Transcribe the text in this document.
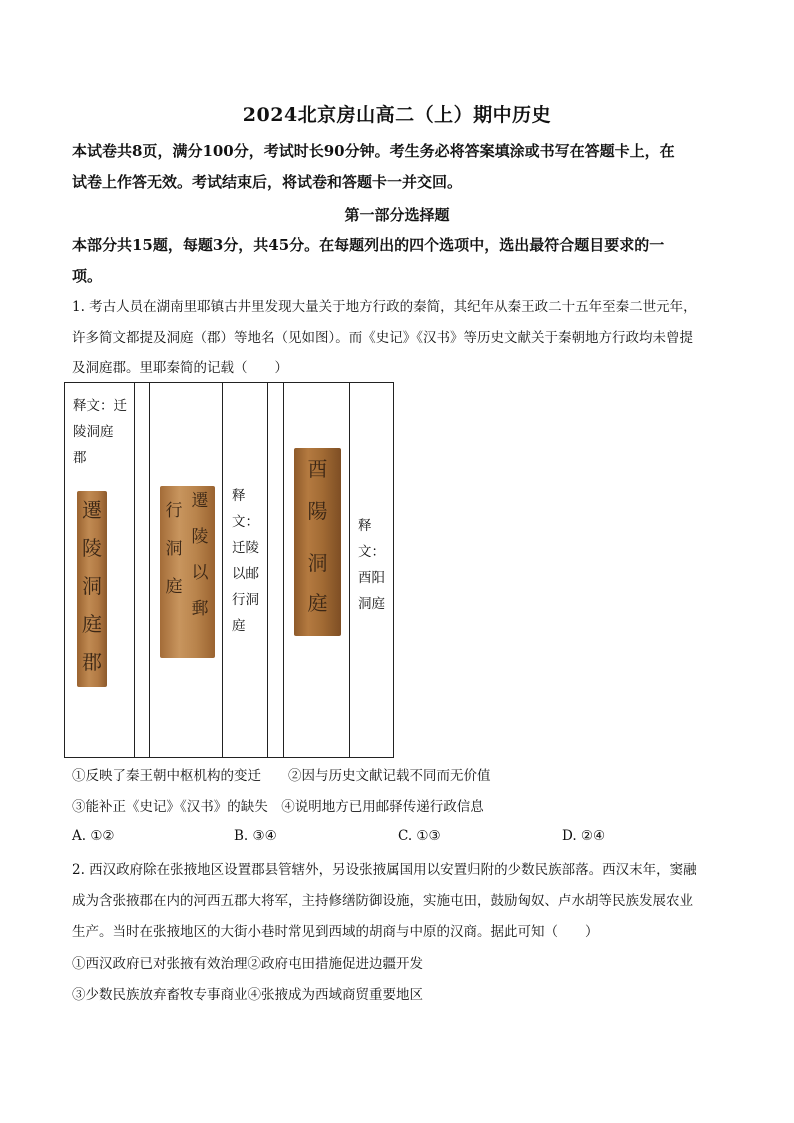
2024北京房山高二（上）期中历史
本试卷共8页，满分100分，考试时长90分钟。考生务必将答案填涂或书写在答题卡上，在
试卷上作答无效。考试结束后，将试卷和答题卡一并交回。
第一部分选择题
本部分共15题，每题3分，共45分。在每题列出的四个选项中，选出最符合题目要求的一
项。
1. 考古人员在湖南里耶镇古井里发现大量关于地方行政的秦简，其纪年从秦王政二十五年至秦二世元年，
许多简文都提及洞庭（郡）等地名（见如图）。而《史记》《汉书》等历史文献关于秦朝地方行政均未曾提
及洞庭郡。里耶秦简的记载（　　）
释文：迁
陵洞庭
郡
遷
陵
洞
庭
郡
行
洞
庭
遷
陵
以
郵
释
文：
迁陵
以邮
行洞
庭
酉
陽
洞
庭
释
文：
酉阳
洞庭
①反映了秦王朝中枢机构的变迁　　②因与历史文献记载不同而无价值
③能补正《史记》《汉书》的缺失　④说明地方已用邮驿传递行政信息
A. ①②	B. ③④	C. ①③	D. ②④
2. 西汉政府除在张掖地区设置郡县管辖外，另设张掖属国用以安置归附的少数民族部落。西汉末年，窦融
成为含张掖郡在内的河西五郡大将军，主持修缮防御设施，实施屯田，鼓励匈奴、卢水胡等民族发展农业
生产。当时在张掖地区的大街小巷时常见到西域的胡商与中原的汉商。据此可知（　　）
①西汉政府已对张掖有效治理②政府屯田措施促进边疆开发
③少数民族放弃畜牧专事商业④张掖成为西域商贸重要地区
